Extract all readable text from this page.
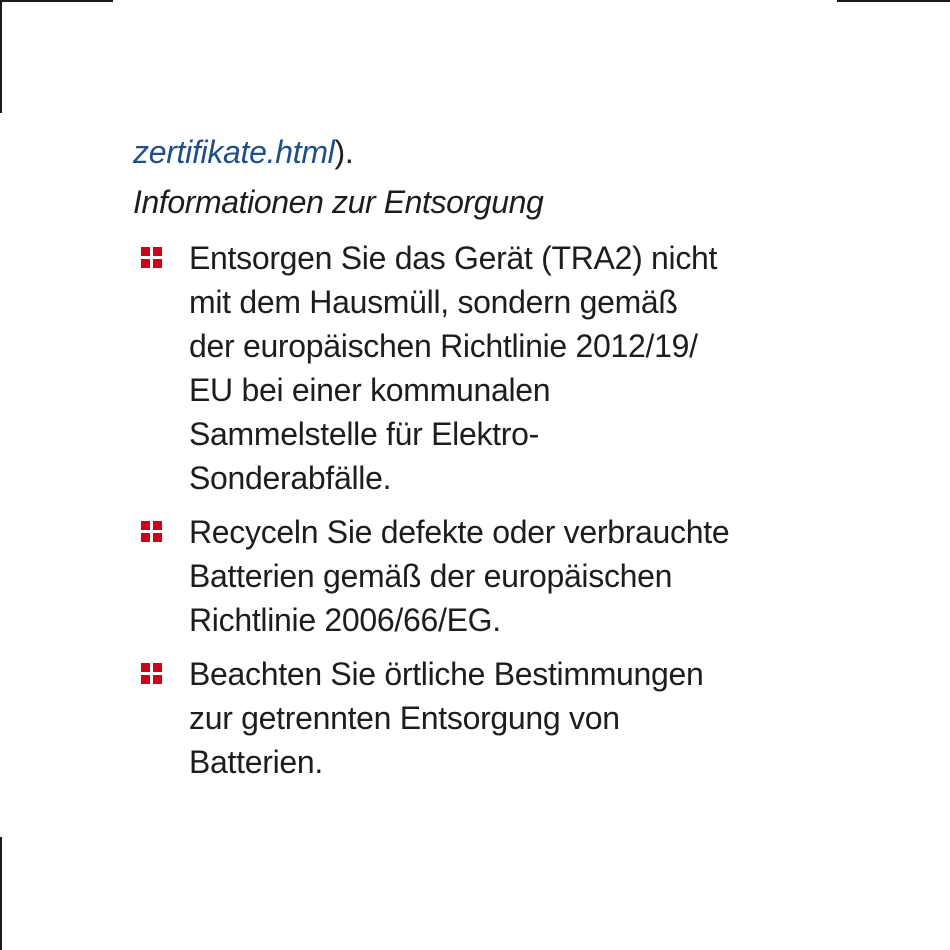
zertifikate.html).

Informationen zur Entsorgung

Entsorgen Sie das Gerät (TRA2) nicht
mit dem Hausmüll, sondern gemäß
der europäischen Richtlinie 2012/19/
EU bei einer kommunalen
Sammelstelle für Elektro-
Sonderabfälle.
Recyceln Sie defekte oder verbrauchte
Batterien gemäß der europäischen
Richtlinie 2006/66/EG.
Beachten Sie örtliche Bestimmungen
zur getrennten Entsorgung von
Batterien.
